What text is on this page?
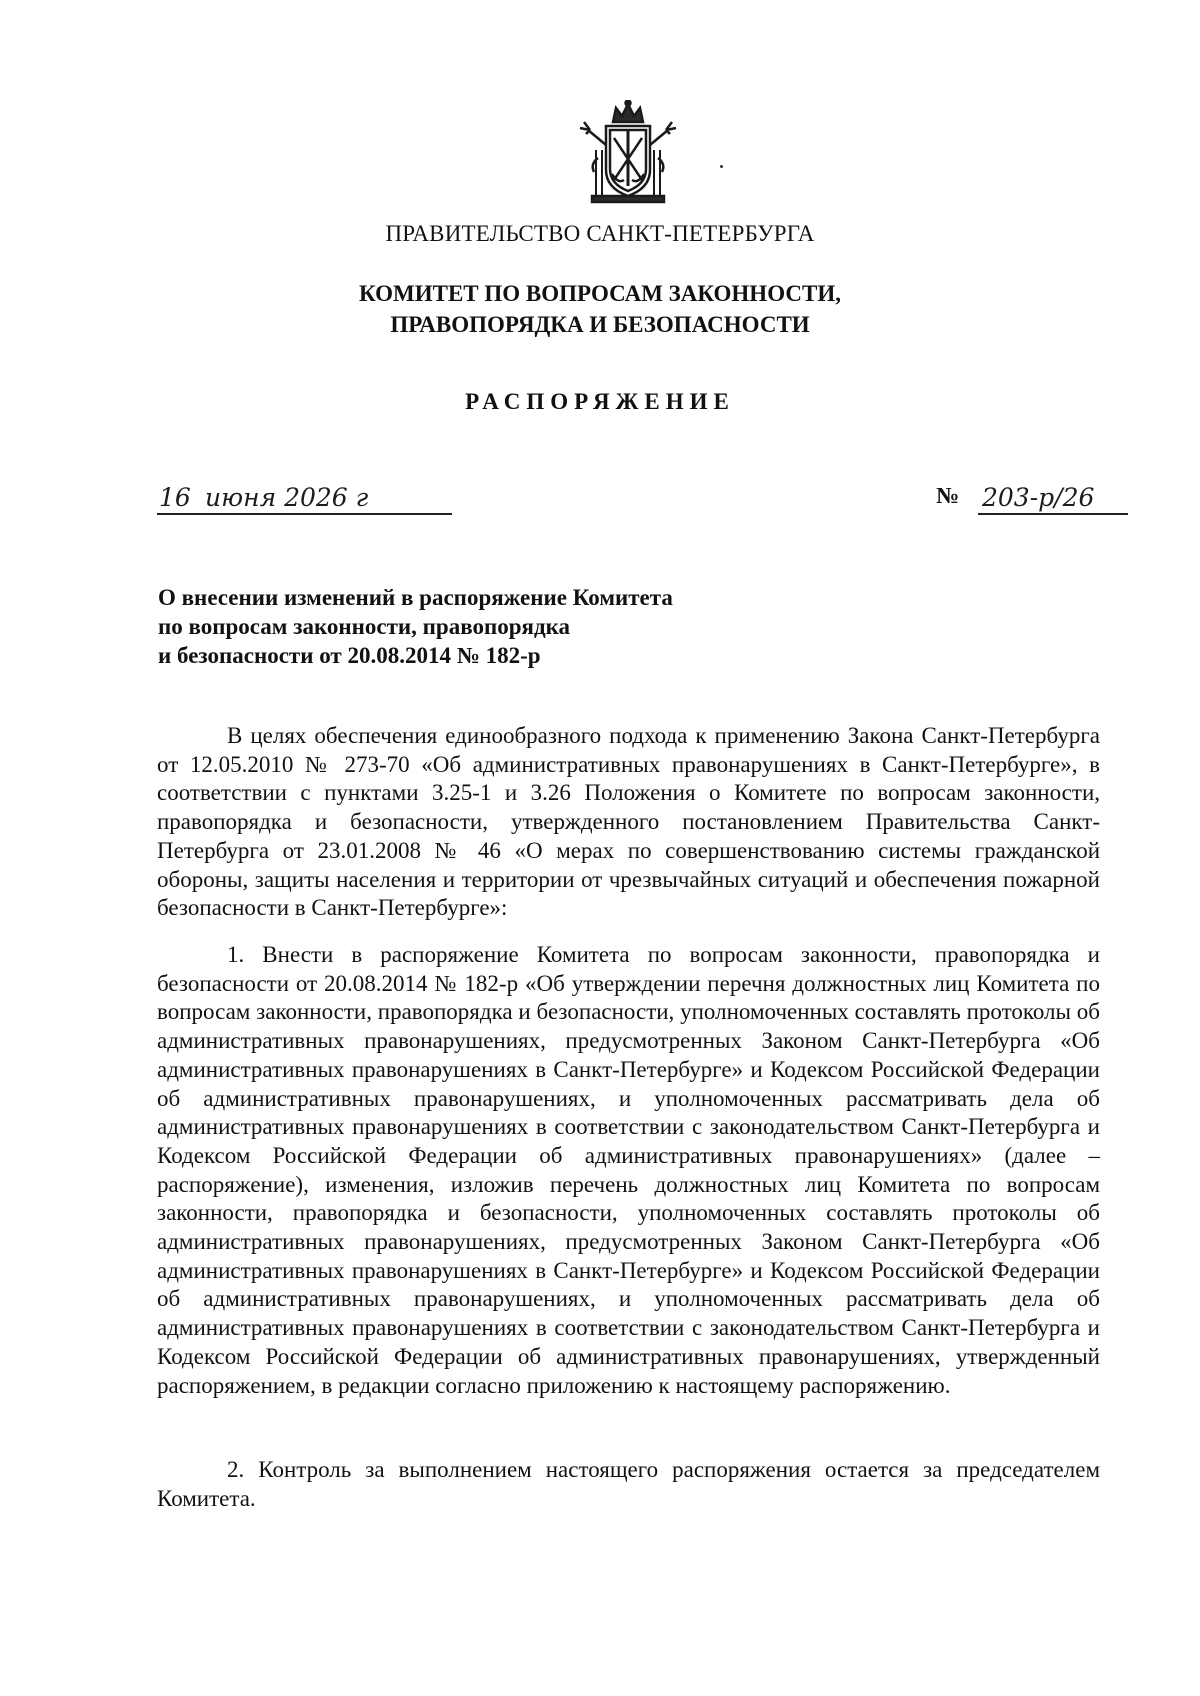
ПРАВИТЕЛЬСТВО САНКТ-ПЕТЕРБУРГА
КОМИТЕТ ПО ВОПРОСАМ ЗАКОННОСТИ,
ПРАВОПОРЯДКА И БЕЗОПАСНОСТИ
РАСПОРЯЖЕНИЕ
16 июня 2026 г	№ 203-р/26
О внесении изменений в распоряжение Комитета
по вопросам законности, правопорядка
и безопасности от 20.08.2014 № 182-р

В целях обеспечения единообразного подхода к применению Закона Санкт-Петербурга от 12.05.2010 № 273-70 «Об административных правонарушениях в Санкт-Петербурге», в соответствии с пунктами 3.25-1 и 3.26 Положения о Комитете по вопросам законности, правопорядка и безопасности, утвержденного постановлением Правительства Санкт-Петербурга от 23.01.2008 № 46 «О мерах по совершенствованию системы гражданской обороны, защиты населения и территории от чрезвычайных ситуаций и обеспечения пожарной безопасности в Санкт-Петербурге»:

1. Внести в распоряжение Комитета по вопросам законности, правопорядка и безопасности от 20.08.2014 № 182-р «Об утверждении перечня должностных лиц Комитета по вопросам законности, правопорядка и безопасности, уполномоченных составлять протоколы об административных правонарушениях, предусмотренных Законом Санкт-Петербурга «Об административных правонарушениях в Санкт-Петербурге» и Кодексом Российской Федерации об административных правонарушениях, и уполномоченных рассматривать дела об административных правонарушениях в соответствии с законодательством Санкт-Петербурга и Кодексом Российской Федерации об административных правонарушениях» (далее – распоряжение), изменения, изложив перечень должностных лиц Комитета по вопросам законности, правопорядка и безопасности, уполномоченных составлять протоколы об административных правонарушениях, предусмотренных Законом Санкт-Петербурга «Об административных правонарушениях в Санкт-Петербурге» и Кодексом Российской Федерации об административных правонарушениях, и уполномоченных рассматривать дела об административных правонарушениях в соответствии с законодательством Санкт-Петербурга и Кодексом Российской Федерации об административных правонарушениях, утвержденный распоряжением, в редакции согласно приложению к настоящему распоряжению.

2. Контроль за выполнением настоящего распоряжения остается за председателем Комитета.
